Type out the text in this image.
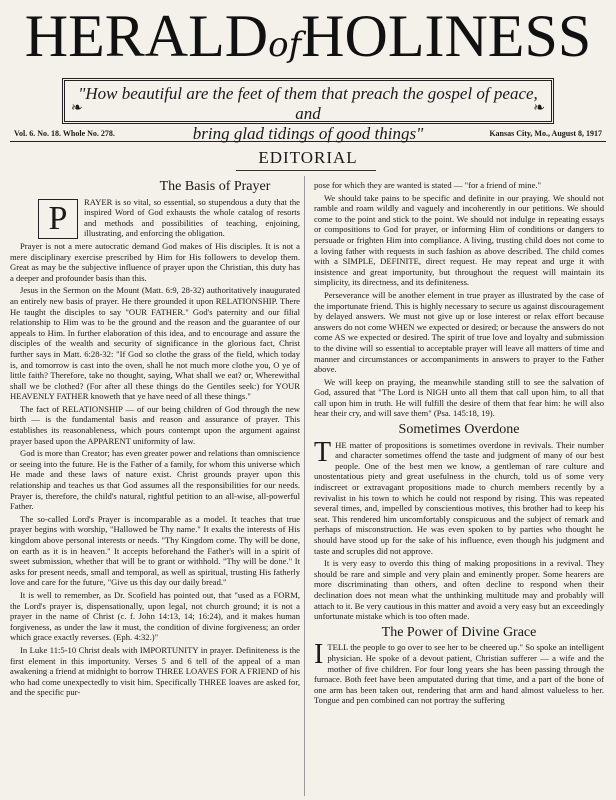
HERALDofHOLINESS
❧
"How beautiful are the feet of them that preach the gospel of peace, and
bring glad tidings of good things"
❧
Vol. 6. No. 18. Whole No. 278.	Kansas City, Mo., August 8, 1917
EDITORIAL
The Basis of Prayer
P	RAYER is so vital, so essential, so stupendous a duty that the inspired Word of God exhausts the whole catalog of resorts and methods and possibilities of teaching, enjoining, illustrating, and enforcing the obligation.

Prayer is not a mere autocratic demand God makes of His disciples. It is not a mere disciplinary exercise prescribed by Him for His followers to develop them. Great as may be the subjective influence of prayer upon the Christian, this duty has a deeper and profounder basis than this.

Jesus in the Sermon on the Mount (Matt. 6:9, 28-32) authoritatively inaugurated an entirely new basis of prayer. He there grounded it upon RELATIONSHIP. There He taught the disciples to say "OUR FATHER." God's paternity and our filial relationship to Him was to be the ground and the reason and the guarantee of our appeals to Him. In further elaboration of this idea, and to encourage and assure the disciples of the wealth and security of significance in the glorious fact, Christ further says in Matt. 6:28-32: "If God so clothe the grass of the field, which today is, and tomorrow is cast into the oven, shall he not much more clothe you, O ye of little faith? Therefore, take no thought, saying, What shall we eat? or, Wherewithal shall we be clothed? (For after all these things do the Gentiles seek:) for YOUR HEAVENLY FATHER knoweth that ye have need of all these things."

The fact of RELATIONSHIP — of our being children of God through the new birth — is the fundamental basis and reason and assurance of prayer. This establishes its reasonableness, which pours contempt upon the argument against prayer based upon the APPARENT uniformity of law.

God is more than Creator; has even greater power and relations than omniscience or seeing into the future. He is the Father of a family, for whom this universe which He made and these laws of nature exist. Christ grounds prayer upon this relationship and teaches us that God assumes all the responsibilities for our needs. Prayer is, therefore, the child's natural, rightful petition to an all-wise, all-powerful Father.

The so-called Lord's Prayer is incomparable as a model. It teaches that true prayer begins with worship, "Hallowed be Thy name." It exalts the interests of His kingdom above personal interests or needs. "Thy Kingdom come. Thy will be done, on earth as it is in heaven." It accepts beforehand the Father's will in a spirit of sweet submission, whether that will be to grant or withhold. "Thy will be done." It asks for present needs, small and temporal, as well as spiritual, trusting His fatherly love and care for the future, "Give us this day our daily bread."

It is well to remember, as Dr. Scofield has pointed out, that "used as a FORM, the Lord's prayer is, dispensationally, upon legal, not church ground; it is not a prayer in the name of Christ (c. f. John 14:13, 14; 16:24), and it makes human forgiveness, as under the law it must, the condition of divine forgiveness; an order which grace exactly reverses. (Eph. 4:32.)"

In Luke 11:5-10 Christ deals with IMPORTUNITY in prayer. Definiteness is the first element in this importunity. Verses 5 and 6 tell of the appeal of a man awakening a friend at midnight to borrow THREE LOAVES FOR A FRIEND of his who had come unexpectedly to visit him. Specifically THREE loaves are asked for, and the specific pur-

pose for which they are wanted is stated — "for a friend of mine."

We should take pains to be specific and definite in our praying. We should not ramble and roam wildly and vaguely and incoherently in our petitions. We should come to the point and stick to the point. We should not indulge in repeating essays or compositions to God for prayer, or informing Him of conditions or dangers to persuade or frighten Him into compliance. A living, trusting child does not come to a loving father with requests in such fashion as above described. The child comes with a SIMPLE, DEFINITE, direct request. He may repeat and urge it with insistence and great importunity, but throughout the request will maintain its simplicity, its directness, and its definiteness.

Perseverance will be another element in true prayer as illustrated by the case of the importunate friend. This is highly necessary to secure us against discouragement by delayed answers. We must not give up or lose interest or relax effort because answers do not come WHEN we expected or desired; or because the answers do not come AS we expected or desired. The spirit of true love and loyalty and submission to the divine will so essential to acceptable prayer will leave all matters of time and manner and circumstances or accompaniments in answers to prayer to the Father above.

We will keep on praying, the meanwhile standing still to see the salvation of God, assured that "The Lord is NIGH unto all them that call upon him, to all that call upon him in truth. He will fulfill the desire of them that fear him: he will also hear their cry, and will save them" (Psa. 145:18, 19).

Sometimes Overdone
T HE matter of propositions is sometimes overdone in revivals. Their number and character sometimes offend the taste and judgment of many of our best people. One of the best men we know, a gentleman of rare culture and unostentatious piety and great usefulness in the church, told us of some very indiscreet or extravagant propositions made to church members recently by a revivalist in his town to which he could not respond by rising. This was repeated several times, and, impelled by conscientious motives, this brother had to keep his seat. This rendered him uncomfortably conspicuous and the subject of remark and perhaps of misconstruction. He was even spoken to by parties who thought he should have stood up for the sake of his influence, even though his judgment and taste and scruples did not approve.

It is very easy to overdo this thing of making propositions in a revival. They should be rare and simple and very plain and eminently proper. Some hearers are more discriminating than others, and often decline to respond when their declination does not mean what the unthinking multitude may and probably will attach to it. Be very cautious in this matter and avoid a very easy but an exceedingly unfortunate mistake which is too often made.

The Power of Divine Grace
I TELL the people to go over to see her to be cheered up." So spoke an intelligent physician. He spoke of a devout patient, Christian sufferer — a wife and the mother of five children. For four long years she has been passing through the furnace. Both feet have been amputated during that time, and a part of the bone of one arm has been taken out, rendering that arm and hand almost valueless to her. Tongue and pen combined can not portray the suffering
